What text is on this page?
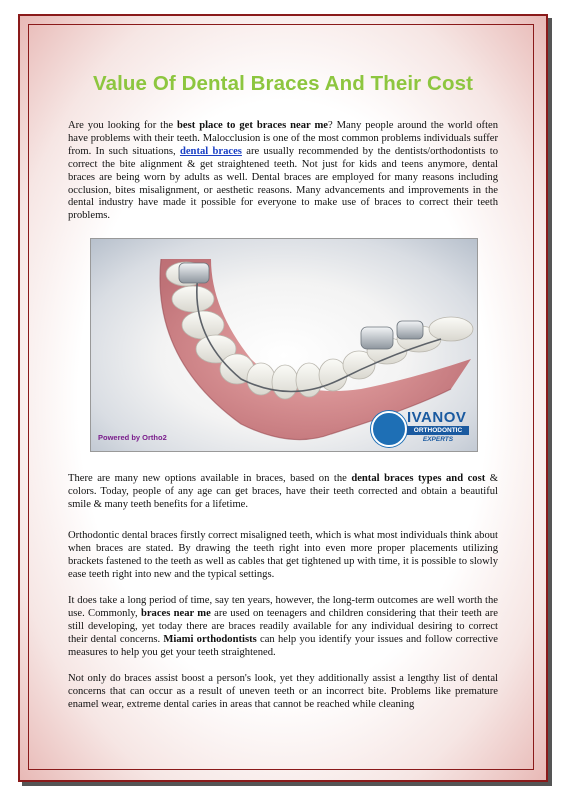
Value Of Dental Braces And Their Cost

Are you looking for the best place to get braces near me? Many people around the world often have problems with their teeth. Malocclusion is one of the most common problems individuals suffer from. In such situations, dental braces are usually recommended by the dentists/orthodontists to correct the bite alignment & get straightened teeth. Not just for kids and teens anymore, dental braces are being worn by adults as well. Dental braces are employed for many reasons including occlusion, bites misalignment, or aesthetic reasons. Many advancements and improvements in the dental industry have made it possible for everyone to make use of braces to correct their teeth problems.

There are many new options available in braces, based on the dental braces types and cost & colors. Today, people of any age can get braces, have their teeth corrected and obtain a beautiful smile & many teeth benefits for a lifetime.

Orthodontic dental braces firstly correct misaligned teeth, which is what most individuals think about when braces are stated. By drawing the teeth right into even more proper placements utilizing brackets fastened to the teeth as well as cables that get tightened up with time, it is possible to slowly ease teeth right into new and the typical settings.

It does take a long period of time, say ten years, however, the long-term outcomes are well worth the use. Commonly, braces near me are used on teenagers and children considering that their teeth are still developing, yet today there are braces readily available for any individual desiring to correct their dental concerns. Miami orthodontists can help you identify your issues and follow corrective measures to help you get your teeth straightened.

Not only do braces assist boost a person's look, yet they additionally assist a lengthy list of dental concerns that can occur as a result of uneven teeth or an incorrect bite. Problems like premature enamel wear, extreme dental caries in areas that cannot be reached while cleaning

Powered by Ortho2
IVANOV
ORTHODONTIC
EXPERTS
